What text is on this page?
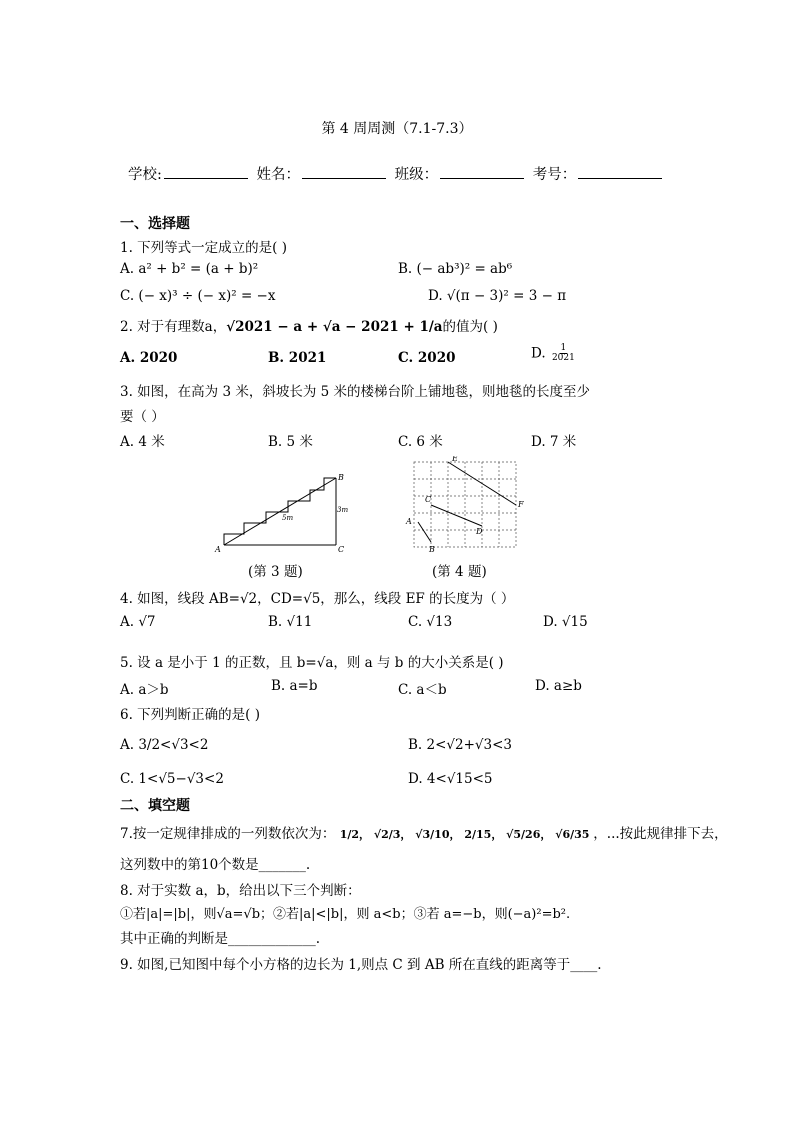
第 4 周周测（7.1-7.3）
学校:	姓名：	班级：	考号：
一、选择题
1. 下列等式一定成立的是( )
A. a² + b² = (a + b)²	B. (− ab³)² = ab⁶
C. (− x)³ ÷ (− x)² = −x	D. √(π − 3)² = 3 − π
2. 对于有理数a，√2021 − a + √a − 2021 + 1/a的值为( )
A. 2020	B. 2021	C. 2020	D. $\frac{1}{2021}$
3. 如图，在高为 3 米，斜坡长为 5 米的楼梯台阶上铺地毯，则地毯的长度至少
要（ ）
A. 4 米	B. 5 米	C. 6 米	D. 7 米
A
B
C
5m
3m
(第 3 题)
E
F
C
D
A
B
(第 4 题)
4. 如图，线段 AB=√2，CD=√5，那么，线段 EF 的长度为（ ）
A. √7	B. √11	C. √13	D. √15
5. 设 a 是小于 1 的正数，且 b=√a，则 a 与 b 的大小关系是( )
A. a＞b	B. a=b	C. a＜b	D. a≥b
6. 下列判断正确的是( )
A. 3/2<√3<2	B. 2<√2+√3<3
C. 1<√5−√3<2	D. 4<√15<5
二、填空题
7.按一定规律排成的一列数依次为： 1/2， √2/3， √3/10， 2/15， √5/26， √6/35 ，...按此规律排下去，
这列数中的第10个数是_______.
8. 对于实数 a，b，给出以下三个判断：
①若|a|=|b|，则√a=√b；②若|a|<|b|，则 a<b；③若 a=−b，则(−a)²=b².
其中正确的判断是_____________.
9. 如图,已知图中每个小方格的边长为 1,则点 C 到 AB 所在直线的距离等于____.
